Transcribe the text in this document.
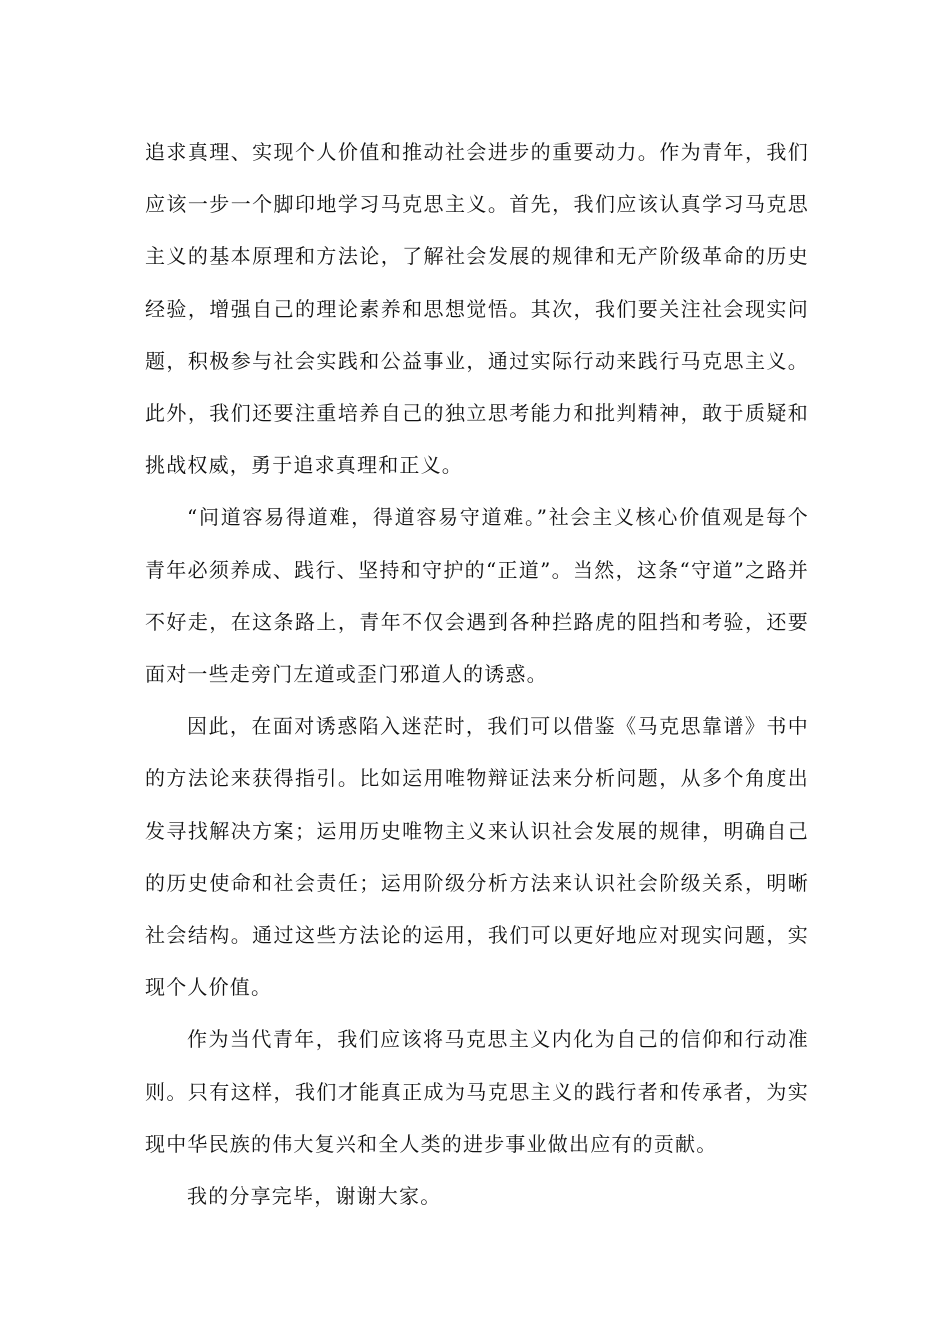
追求真理、实现个人价值和推动社会进步的重要动力。作为青年，我们应该一步一个脚印地学习马克思主义。首先，我们应该认真学习马克思主义的基本原理和方法论，了解社会发展的规律和无产阶级革命的历史经验，增强自己的理论素养和思想觉悟。其次，我们要关注社会现实问题，积极参与社会实践和公益事业，通过实际行动来践行马克思主义。此外，我们还要注重培养自己的独立思考能力和批判精神，敢于质疑和挑战权威，勇于追求真理和正义。

“问道容易得道难，得道容易守道难。”社会主义核心价值观是每个青年必须养成、践行、坚持和守护的“正道”。当然，这条“守道”之路并不好走，在这条路上，青年不仅会遇到各种拦路虎的阻挡和考验，还要面对一些走旁门左道或歪门邪道人的诱惑。

因此，在面对诱惑陷入迷茫时，我们可以借鉴《马克思靠谱》书中的方法论来获得指引。比如运用唯物辩证法来分析问题，从多个角度出发寻找解决方案；运用历史唯物主义来认识社会发展的规律，明确自己的历史使命和社会责任；运用阶级分析方法来认识社会阶级关系，明晰社会结构。通过这些方法论的运用，我们可以更好地应对现实问题，实现个人价值。

作为当代青年，我们应该将马克思主义内化为自己的信仰和行动准则。只有这样，我们才能真正成为马克思主义的践行者和传承者，为实现中华民族的伟大复兴和全人类的进步事业做出应有的贡献。

我的分享完毕，谢谢大家。
